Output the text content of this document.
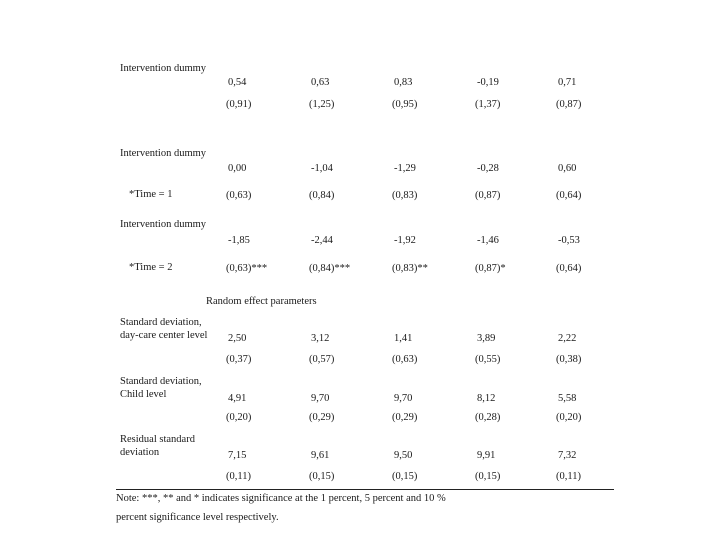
Intervention dummy
0,54	0,63	0,83	-0,19	0,71
(0,91)	(1,25)	(0,95)	(1,37)	(0,87)
Intervention dummy
*Time = 1
0,00	-1,04	-1,29	-0,28	0,60
(0,63)	(0,84)	(0,83)	(0,87)	(0,64)
Intervention dummy
*Time = 2
-1,85	-2,44	-1,92	-1,46	-0,53
(0,63)***	(0,84)***	(0,83)**	(0,87)*	(0,64)
Random effect parameters
Standard deviation, day-care center level	2,50	3,12	1,41	3,89	2,22
(0,37)	(0,57)	(0,63)	(0,55)	(0,38)
Standard deviation, Child level	4,91	9,70	9,70	8,12	5,58
(0,20)	(0,29)	(0,29)	(0,28)	(0,20)
Residual standard deviation	7,15	9,61	9,50	9,91	7,32
(0,11)	(0,15)	(0,15)	(0,15)	(0,11)
Note: ***, ** and * indicates significance at the 1 percent, 5 percent and 10 %
percent significance level respectively.
